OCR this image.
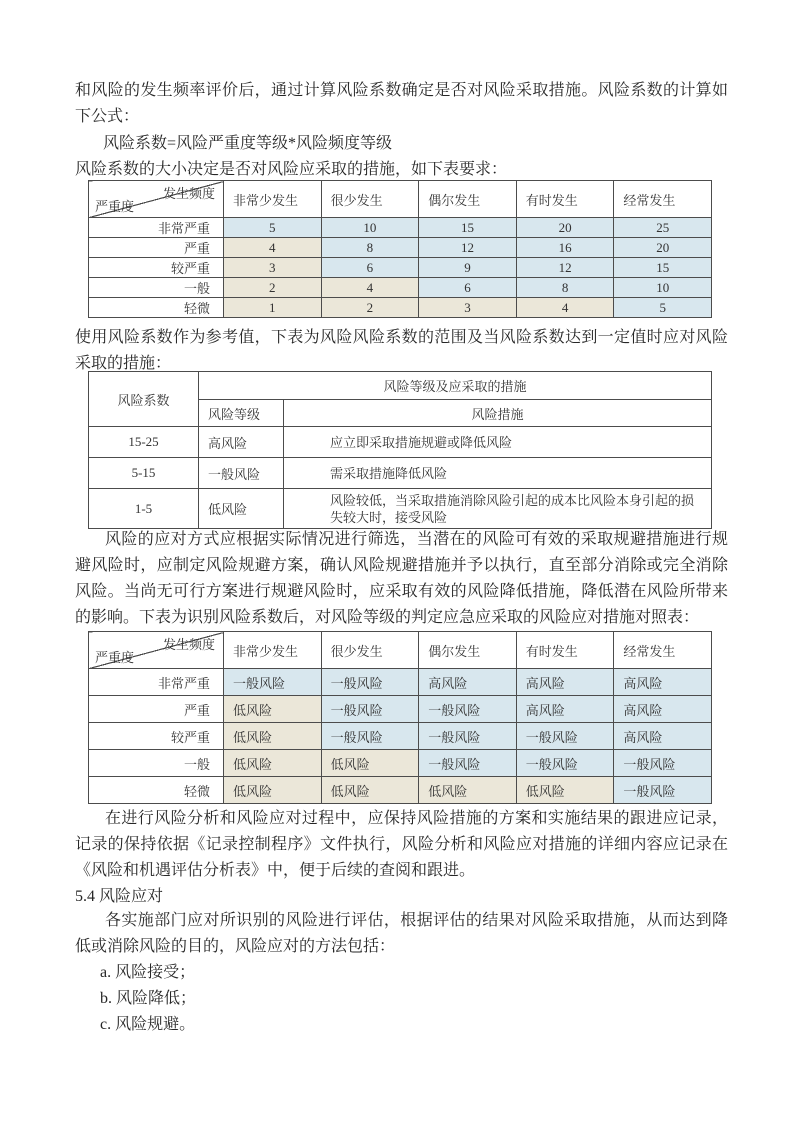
和风险的发生频率评价后，通过计算风险系数确定是否对风险采取措施。风险系数的计算如下公式：
风险系数=风险严重度等级*风险频度等级
风险系数的大小决定是否对风险应采取的措施，如下表要求：
发生频度
严重度	非常少发生	很少发生	偶尔发生	有时发生	经常发生
非常严重	5	10	15	20	25
严重	4	8	12	16	20
较严重	3	6	9	12	15
一般	2	4	6	8	10
轻微	1	2	3	4	5
使用风险系数作为参考值，下表为风险风险系数的范围及当风险系数达到一定值时应对风险采取的措施：
风险系数	风险等级及应采取的措施	
	风险等级	风险措施
15-25	高风险	应立即采取措施规避或降低风险
5-15	一般风险	需采取措施降低风险
1-5	低风险	风险较低，当采取措施消除风险引起的成本比风险本身引起的损失较大时，接受风险
风险的应对方式应根据实际情况进行筛选，当潜在的风险可有效的采取规避措施进行规避风险时，应制定风险规避方案，确认风险规避措施并予以执行，直至部分消除或完全消除风险。当尚无可行方案进行规避风险时，应采取有效的风险降低措施，降低潜在风险所带来的影响。下表为识别风险系数后，对风险等级的判定应急应采取的风险应对措施对照表：
发生频度
严重度	非常少发生	很少发生	偶尔发生	有时发生	经常发生
非常严重	一般风险	一般风险	高风险	高风险	高风险
严重	低风险	一般风险	一般风险	高风险	高风险
较严重	低风险	一般风险	一般风险	一般风险	高风险
一般	低风险	低风险	一般风险	一般风险	一般风险
轻微	低风险	低风险	低风险	低风险	一般风险
在进行风险分析和风险应对过程中，应保持风险措施的方案和实施结果的跟进应记录，记录的保持依据《记录控制程序》文件执行，风险分析和风险应对措施的详细内容应记录在《风险和机遇评估分析表》中，便于后续的查阅和跟进。
5.4 风险应对
各实施部门应对所识别的风险进行评估，根据评估的结果对风险采取措施，从而达到降低或消除风险的目的，风险应对的方法包括：
a. 风险接受；
b. 风险降低；
c. 风险规避。
